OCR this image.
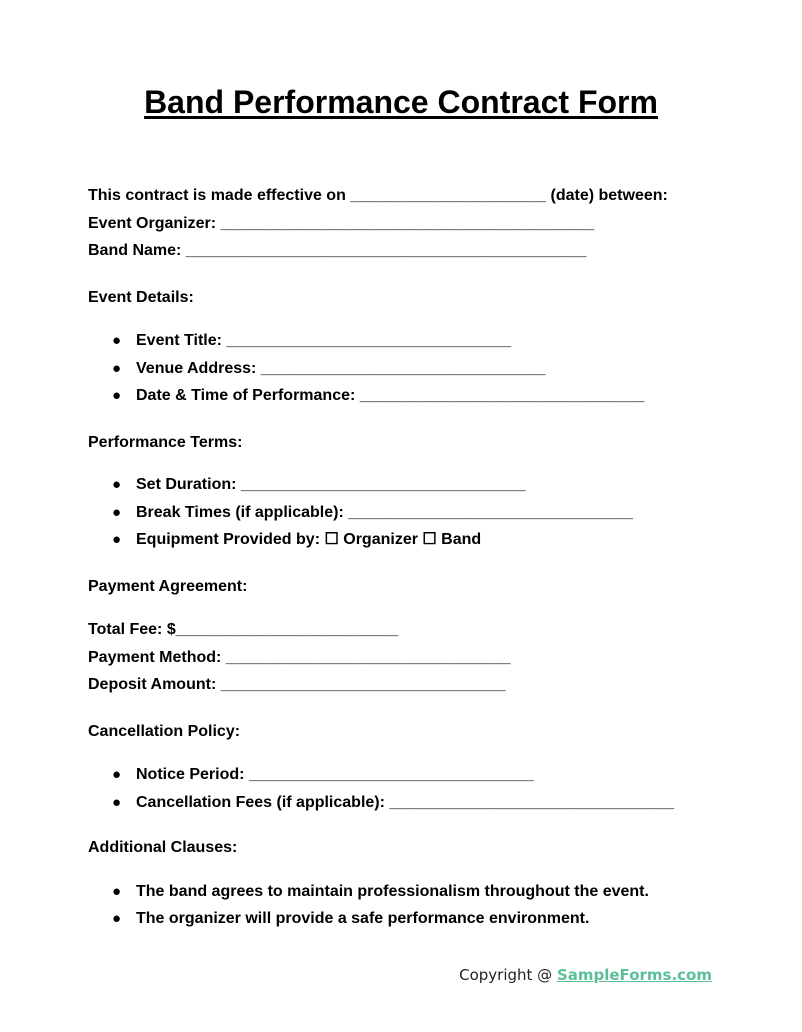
Band Performance Contract Form
This contract is made effective on ______________________ (date) between:
Event Organizer: __________________________________________
Band Name: _____________________________________________
Event Details:
● Event Title: ________________________________
● Venue Address: ________________________________
● Date & Time of Performance: ________________________________
Performance Terms:
● Set Duration: ________________________________
● Break Times (if applicable): ________________________________
● Equipment Provided by: ☐ Organizer ☐ Band
Payment Agreement:
Total Fee: $_________________________
Payment Method: ________________________________
Deposit Amount: ________________________________
Cancellation Policy:
● Notice Period: ________________________________
● Cancellation Fees (if applicable): ________________________________
Additional Clauses:
● The band agrees to maintain professionalism throughout the event.
● The organizer will provide a safe performance environment.
Copyright @ SampleForms.com
